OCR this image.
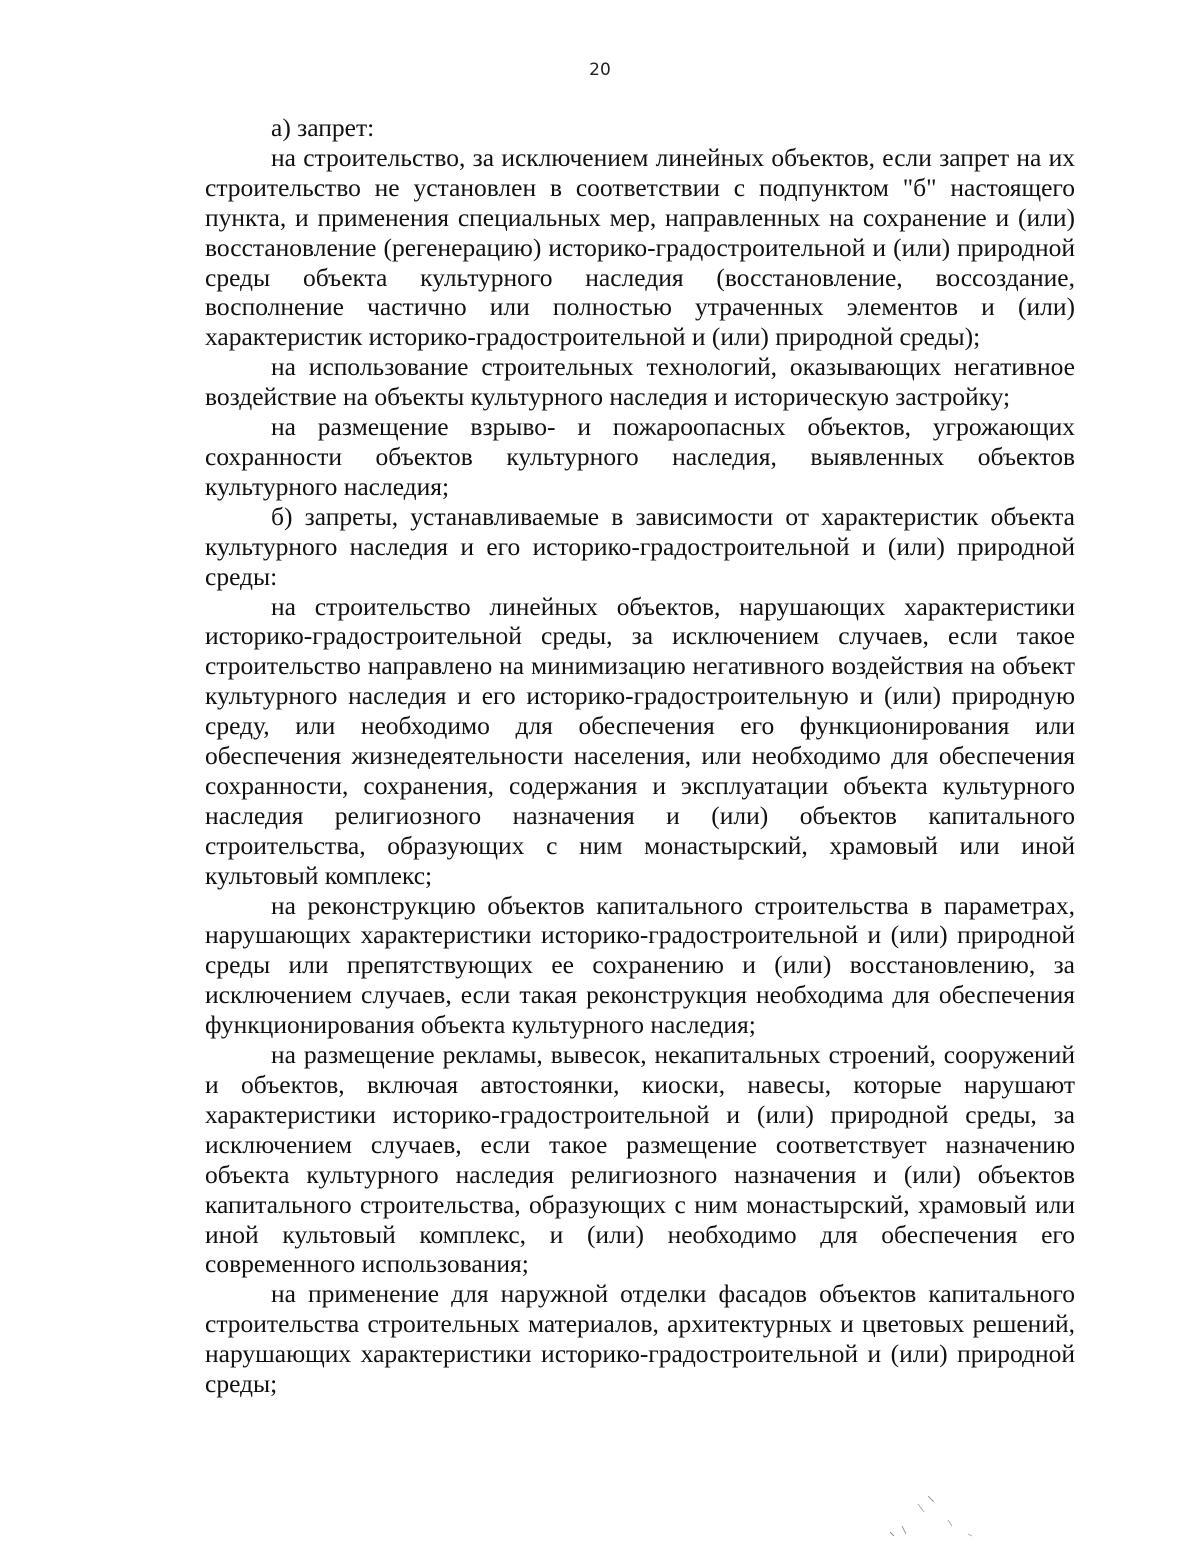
20

а) запрет:

на строительство, за исключением линейных объектов, если запрет на их строительство не установлен в соответствии с подпунктом "б" настоящего пункта, и применения специальных мер, направленных на сохранение и (или) восстановление (регенерацию) историко-градостроительной и (или) природной среды объекта культурного наследия (восстановление, воссоздание, восполнение частично или полностью утраченных элементов и (или) характеристик историко-градостроительной и (или) природной среды);

на использование строительных технологий, оказывающих негативное воздействие на объекты культурного наследия и историческую застройку;

на размещение взрыво- и пожароопасных объектов, угрожающих сохранности объектов культурного наследия, выявленных объектов культурного наследия;

б) запреты, устанавливаемые в зависимости от характеристик объекта культурного наследия и его историко-градостроительной и (или) природной среды:

на строительство линейных объектов, нарушающих характеристики историко-градостроительной среды, за исключением случаев, если такое строительство направлено на минимизацию негативного воздействия на объект культурного наследия и его историко-градостроительную и (или) природную среду, или необходимо для обеспечения его функционирования или обеспечения жизнедеятельности населения, или необходимо для обеспечения сохранности, сохранения, содержания и эксплуатации объекта культурного наследия религиозного назначения и (или) объектов капитального строительства, образующих с ним монастырский, храмовый или иной культовый комплекс;

на реконструкцию объектов капитального строительства в параметрах, нарушающих характеристики историко-градостроительной и (или) природной среды или препятствующих ее сохранению и (или) восстановлению, за исключением случаев, если такая реконструкция необходима для обеспечения функционирования объекта культурного наследия;

на размещение рекламы, вывесок, некапитальных строений, сооружений и объектов, включая автостоянки, киоски, навесы, которые нарушают характеристики историко-градостроительной и (или) природной среды, за исключением случаев, если такое размещение соответствует назначению объекта культурного наследия религиозного назначения и (или) объектов капитального строительства, образующих с ним монастырский, храмовый или иной культовый комплекс, и (или) необходимо для обеспечения его современного использования;

на применение для наружной отделки фасадов объектов капитального строительства строительных материалов, архитектурных и цветовых решений, нарушающих характеристики историко-градостроительной и (или) природной среды;
